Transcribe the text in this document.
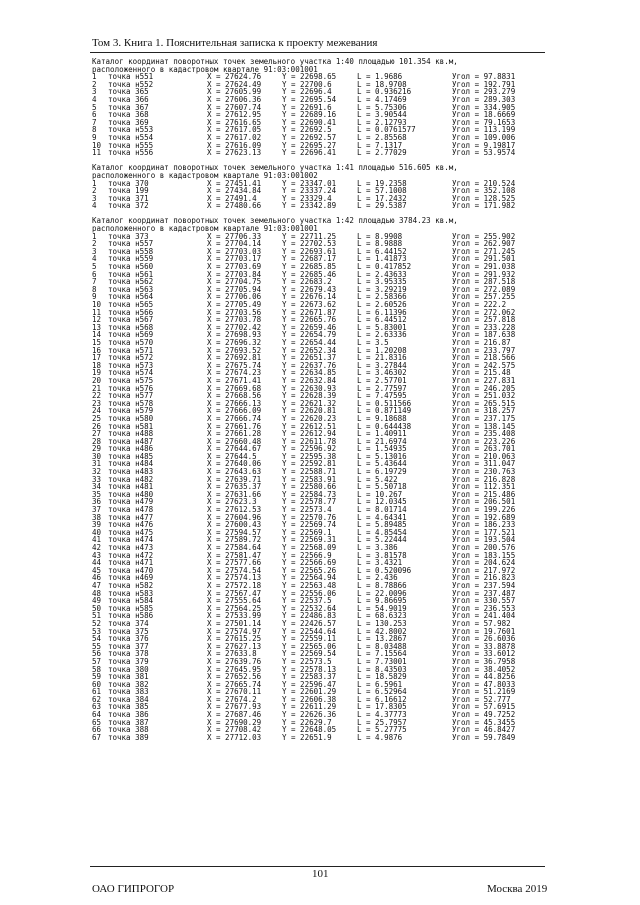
Том 3. Книга 1. Пояснительная записка к проекту межевания
Каталог координат поворотных точек земельного участка 1:40 площадью 101.354 кв.м,
расположенного в кадастровом квартале 91:03:001001
1 точка н551	X = 27624.76	Y = 22698.65	L = 1.9686	Угол = 97.8831
2 точка н552	X = 27624.49	Y = 22700.6	L = 18.9708	Угол = 192.791
3 точка 365	X = 27605.99	Y = 22696.4	L = 0.936216	Угол = 293.279
4 точка 366	X = 27606.36	Y = 22695.54	L = 4.17469	Угол = 289.303
5 точка 367	X = 27607.74	Y = 22691.6	L = 5.75306	Угол = 334.905
6 точка 368	X = 27612.95	Y = 22689.16	L = 3.90544	Угол = 18.6669
7 точка 369	X = 27616.65	Y = 22690.41	L = 2.12793	Угол = 79.1653
8 точка н553	X = 27617.05	Y = 22692.5	L = 0.0761577	Угол = 113.199
9 точка н554	X = 27617.02	Y = 22692.57	L = 2.85568	Угол = 109.006
10 точка н555	X = 27616.09	Y = 22695.27	L = 7.1317	Угол = 9.19817
11 точка н556	X = 27623.13	Y = 22696.41	L = 2.77029	Угол = 53.9574
Каталог координат поворотных точек земельного участка 1:41 площадью 516.605 кв.м,
расположенного в кадастровом квартале 91:03:001002
1 точка 370	X = 27451.41	Y = 23347.01	L = 19.2358	Угол = 210.524
2 точка 199	X = 27434.84	Y = 23337.24	L = 57.1008	Угол = 352.108
3 точка 371	X = 27491.4	Y = 23329.4	L = 17.2432	Угол = 128.525
4 точка 372	X = 27480.66	Y = 23342.89	L = 29.5387	Угол = 171.982
Каталог координат поворотных точек земельного участка 1:42 площадью 3784.23 кв.м,
расположенного в кадастровом квартале 91:03:001001
1 точка 373	X = 27706.33	Y = 22711.25	L = 8.9908	Угол = 255.902
2 точка н557	X = 27704.14	Y = 22702.53	L = 8.9888	Угол = 262.907
3 точка н558	X = 27703.03	Y = 22693.61	L = 6.44152	Угол = 271.245
4 точка н559	X = 27703.17	Y = 22687.17	L = 1.41873	Угол = 291.501
5 точка н560	X = 27703.69	Y = 22685.85	L = 0.417852	Угол = 291.038
6 точка н561	X = 27703.84	Y = 22685.46	L = 2.43633	Угол = 291.932
7 точка н562	X = 27704.75	Y = 22683.2	L = 3.95335	Угол = 287.518
8 точка н563	X = 27705.94	Y = 22679.43	L = 3.29219	Угол = 272.089
9 точка н564	X = 27706.06	Y = 22676.14	L = 2.58366	Угол = 257.255
10 точка н565	X = 27705.49	Y = 22673.62	L = 2.60526	Угол = 222.2
11 точка н566	X = 27703.56	Y = 22671.87	L = 6.11396	Угол = 272.062
12 точка н567	X = 27703.78	Y = 22665.76	L = 6.44512	Угол = 257.818
13 точка н568	X = 27702.42	Y = 22659.46	L = 5.83001	Угол = 233.228
14 точка н569	X = 27698.93	Y = 22654.79	L = 2.63336	Угол = 187.638
15 точка н570	X = 27696.32	Y = 22654.44	L = 3.5	Угол = 216.87
16 точка н571	X = 27693.52	Y = 22652.34	L = 1.20208	Угол = 233.797
17 точка н572	X = 27692.81	Y = 22651.37	L = 21.8316	Угол = 218.566
18 точка н573	X = 27675.74	Y = 22637.76	L = 3.27844	Угол = 242.575
19 точка н574	X = 27674.23	Y = 22634.85	L = 3.46302	Угол = 215.48
20 точка н575	X = 27671.41	Y = 22632.84	L = 2.57701	Угол = 227.831
21 точка н576	X = 27669.68	Y = 22630.93	L = 2.77597	Угол = 246.205
22 точка н577	X = 27668.56	Y = 22628.39	L = 7.47595	Угол = 251.032
23 точка н578	X = 27666.13	Y = 22621.32	L = 0.511566	Угол = 265.515
24 точка н579	X = 27666.09	Y = 22620.81	L = 0.871149	Угол = 318.257
25 точка н580	X = 27666.74	Y = 22620.23	L = 9.18688	Угол = 237.175
26 точка н581	X = 27661.76	Y = 22612.51	L = 0.644438	Угол = 138.145
27 точка н488	X = 27661.28	Y = 22612.94	L = 1.40911	Угол = 235.408
28 точка н487	X = 27660.48	Y = 22611.78	L = 21.6974	Угол = 223.226
29 точка н486	X = 27644.67	Y = 22596.92	L = 1.54935	Угол = 263.701
30 точка н485	X = 27644.5	Y = 22595.38	L = 5.13016	Угол = 210.063
31 точка н484	X = 27640.06	Y = 22592.81	L = 5.43644	Угол = 311.047
32 точка н483	X = 27643.63	Y = 22588.71	L = 6.19729	Угол = 230.763
33 точка н482	X = 27639.71	Y = 22583.91	L = 5.422	Угол = 216.828
34 точка н481	X = 27635.37	Y = 22580.66	L = 5.50718	Угол = 112.351
35 точка н480	X = 27631.66	Y = 22584.73	L = 10.267	Угол = 215.486
36 точка н479	X = 27623.3	Y = 22578.77	L = 12.0345	Угол = 206.501
37 точка н478	X = 27612.53	Y = 22573.4	L = 8.01714	Угол = 199.226
38 точка н477	X = 27604.96	Y = 22570.76	L = 4.64341	Угол = 192.689
39 точка н476	X = 27600.43	Y = 22569.74	L = 5.89485	Угол = 186.233
40 точка н475	X = 27594.57	Y = 22569.1	L = 4.85454	Угол = 177.521
41 точка н474	X = 27589.72	Y = 22569.31	L = 5.22444	Угол = 193.504
42 точка н473	X = 27584.64	Y = 22568.09	L = 3.386	Угол = 200.576
43 точка н472	X = 27581.47	Y = 22566.9	L = 3.81578	Угол = 183.155
44 точка н471	X = 27577.66	Y = 22566.69	L = 3.4321	Угол = 204.624
45 точка н470	X = 27574.54	Y = 22565.26	L = 0.520096	Угол = 217.972
46 точка н469	X = 27574.13	Y = 22564.94	L = 2.436	Угол = 216.823
47 точка н582	X = 27572.18	Y = 22563.48	L = 8.78866	Угол = 237.594
48 точка н583	X = 27567.47	Y = 22556.06	L = 22.0096	Угол = 237.487
49 точка н584	X = 27555.64	Y = 22537.5	L = 9.86695	Угол = 330.557
50 точка н585	X = 27564.25	Y = 22532.64	L = 54.9019	Угол = 236.553
51 точка н586	X = 27533.99	Y = 22486.83	L = 68.6323	Угол = 241.404
52 точка 374	X = 27501.14	Y = 22426.57	L = 130.253	Угол = 57.982
53 точка 375	X = 27574.97	Y = 22544.64	L = 42.8002	Угол = 19.7601
54 точка 376	X = 27615.25	Y = 22559.11	L = 13.2867	Угол = 26.6036
55 точка 377	X = 27627.13	Y = 22565.06	L = 8.03488	Угол = 33.8878
56 точка 378	X = 27633.8	Y = 22569.54	L = 7.15564	Угол = 33.6012
57 точка 379	X = 27639.76	Y = 22573.5	L = 7.73001	Угол = 36.7958
58 точка 380	X = 27645.95	Y = 22578.13	L = 8.43503	Угол = 38.4052
59 точка 381	X = 27652.56	Y = 22583.37	L = 18.5829	Угол = 44.8256
60 точка 382	X = 27665.74	Y = 22596.47	L = 6.5961	Угол = 47.8033
61 точка 383	X = 27670.11	Y = 22601.29	L = 6.52964	Угол = 51.2169
62 точка 384	X = 27674.2	Y = 22606.38	L = 6.16612	Угол = 52.777
63 точка 385	X = 27677.93	Y = 22611.29	L = 17.8305	Угол = 57.6915
64 точка 386	X = 27687.46	Y = 22626.36	L = 4.37773	Угол = 49.7252
65 точка 387	X = 27690.29	Y = 22629.7	L = 25.7957	Угол = 45.3455
66 точка 388	X = 27708.42	Y = 22648.05	L = 5.27775	Угол = 46.8427
67 точка 389	X = 27712.03	Y = 22651.9	L = 4.9876	Угол = 59.7849
101
ОАО ГИПРОГОР	Москва 2019
